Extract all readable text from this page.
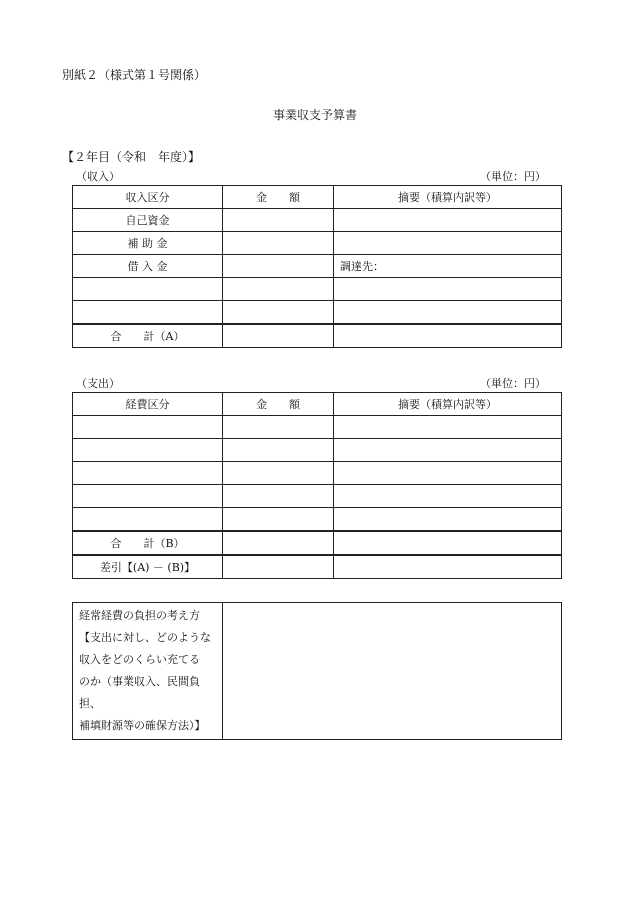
別紙２（様式第１号関係）
事業収支予算書
【２年目（令和　年度）】
（収入）	（単位：円）
収入区分	金　　額	摘要（積算内訳等）
自己資金		
補 助 金		
借 入 金		調達先：

合　　計（A）		
（支出）	（単位：円）
経費区分	金　　額	摘要（積算内訳等）

合　　計（B）		
差引【(A) － (B)】		
経常経費の負担の考え方
【支出に対し、どのような
収入をどのくらい充てる
のか（事業収入、民間負担、
補填財源等の確保方法）】
